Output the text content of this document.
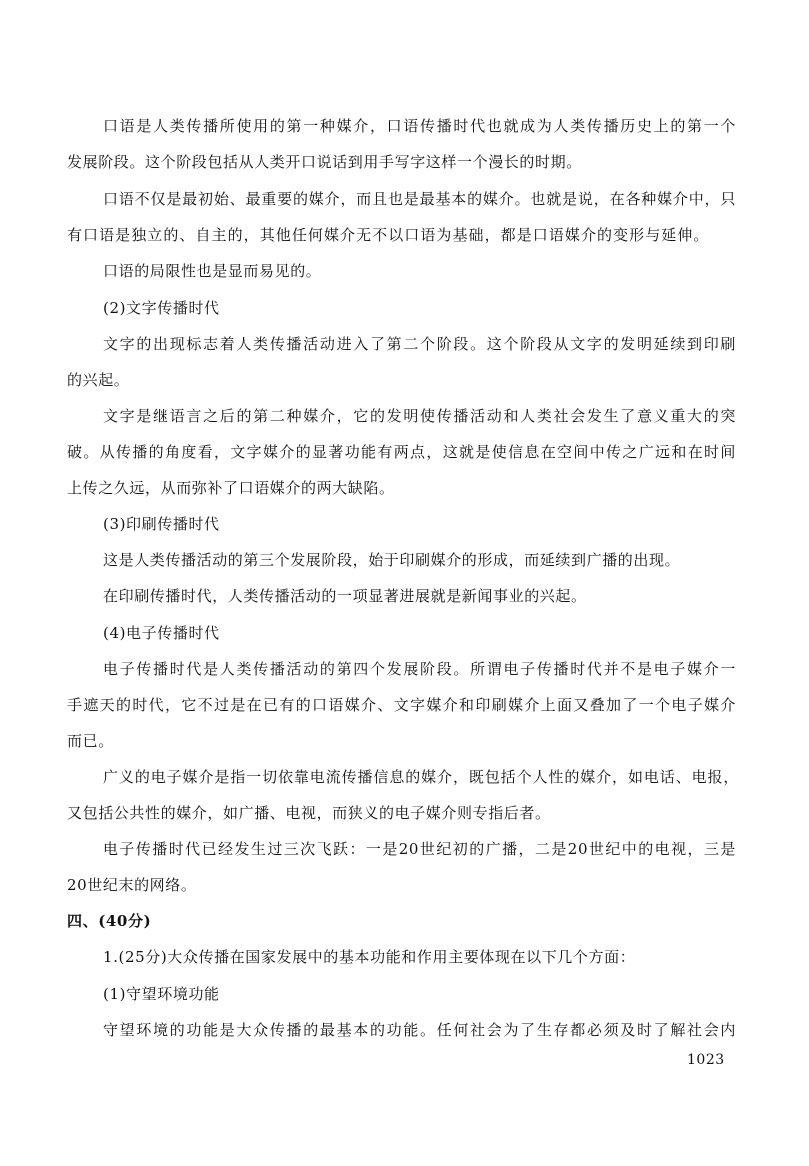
口语是人类传播所使用的第一种媒介，口语传播时代也就成为人类传播历史上的第一个
发展阶段。这个阶段包括从人类开口说话到用手写字这样一个漫长的时期。
口语不仅是最初始、最重要的媒介，而且也是最基本的媒介。也就是说，在各种媒介中，只
有口语是独立的、自主的，其他任何媒介无不以口语为基础，都是口语媒介的变形与延伸。
口语的局限性也是显而易见的。
(2)文字传播时代
文字的出现标志着人类传播活动进入了第二个阶段。这个阶段从文字的发明延续到印刷
的兴起。
文字是继语言之后的第二种媒介，它的发明使传播活动和人类社会发生了意义重大的突
破。从传播的角度看，文字媒介的显著功能有两点，这就是使信息在空间中传之广远和在时间
上传之久远，从而弥补了口语媒介的两大缺陷。
(3)印刷传播时代
这是人类传播活动的第三个发展阶段，始于印刷媒介的形成，而延续到广播的出现。
在印刷传播时代，人类传播活动的一项显著进展就是新闻事业的兴起。
(4)电子传播时代
电子传播时代是人类传播活动的第四个发展阶段。所谓电子传播时代并不是电子媒介一
手遮天的时代，它不过是在已有的口语媒介、文字媒介和印刷媒介上面又叠加了一个电子媒介
而已。
广义的电子媒介是指一切依靠电流传播信息的媒介，既包括个人性的媒介，如电话、电报，
又包括公共性的媒介，如广播、电视，而狭义的电子媒介则专指后者。
电子传播时代已经发生过三次飞跃：一是20世纪初的广播，二是20世纪中的电视，三是
20世纪末的网络。
四、(40分)
1.(25分)大众传播在国家发展中的基本功能和作用主要体现在以下几个方面：
(1)守望环境功能
守望环境的功能是大众传播的最基本的功能。任何社会为了生存都必须及时了解社会内
1023
